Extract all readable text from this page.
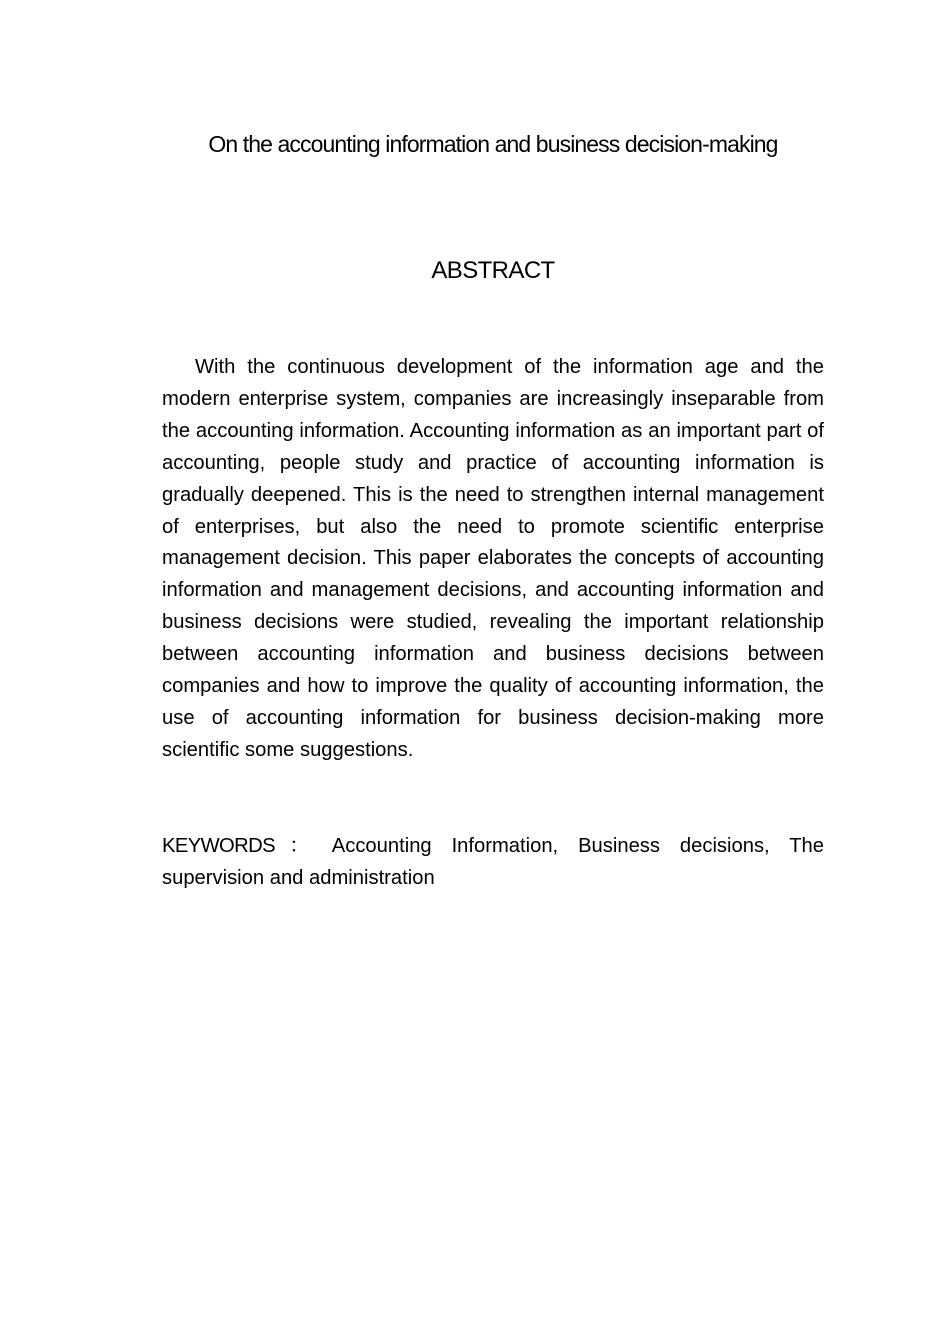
On the accounting information and business decision-making
ABSTRACT

With the continuous development of the information age and the modern enterprise system, companies are increasingly inseparable from the accounting information. Accounting information as an important part of accounting, people study and practice of accounting information is gradually deepened. This is the need to strengthen internal management of enterprises, but also the need to promote scientific enterprise management decision. This paper elaborates the concepts of accounting information and management decisions, and accounting information and business decisions were studied, revealing the important relationship between accounting information and business decisions between companies and how to improve the quality of accounting information, the use of accounting information for business decision-making more scientific some suggestions.

KEYWORDS： Accounting Information, Business decisions, The supervision and administration
